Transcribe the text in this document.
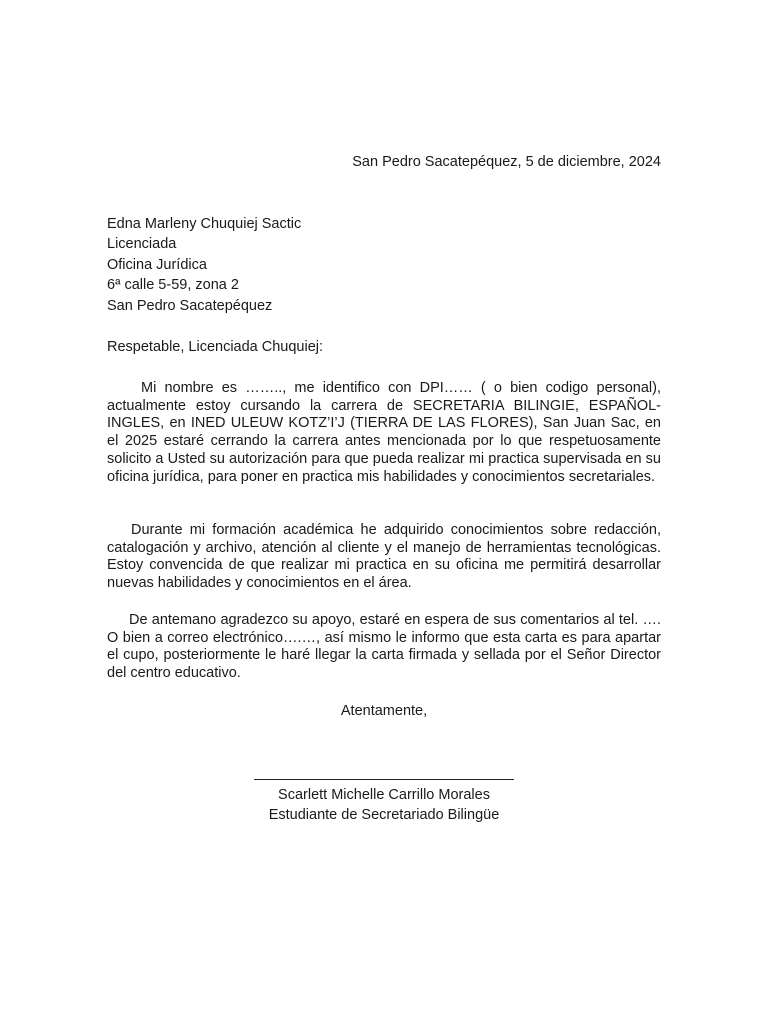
San Pedro Sacatepéquez, 5 de diciembre, 2024
Edna Marleny Chuquiej Sactic
Licenciada
Oficina Jurídica
6ª calle 5-59, zona 2
San Pedro Sacatepéquez
Respetable, Licenciada Chuquiej:

Mi nombre es …….., me identifico con DPI…… ( o bien codigo personal), actualmente estoy cursando la carrera de SECRETARIA BILINGIE, ESPAÑOL-INGLES, en INED ULEUW KOTZ’I’J (TIERRA DE LAS FLORES), San Juan Sac, en el 2025 estaré cerrando la carrera antes mencionada por lo que respetuosamente solicito a Usted su autorización para que pueda realizar mi practica supervisada en su oficina jurídica, para poner en practica mis habilidades y conocimientos secretariales.

Durante mi formación académica he adquirido conocimientos sobre redacción, catalogación y archivo, atención al cliente y el manejo de herramientas tecnológicas. Estoy convencida de que realizar mi practica en su oficina me permitirá desarrollar nuevas habilidades y conocimientos en el área.

De antemano agradezco su apoyo, estaré en espera de sus comentarios al tel. …. O bien a correo electrónico….…, así mismo le informo que esta carta es para apartar el cupo, posteriormente le haré llegar la carta firmada y sellada por el Señor Director del centro educativo.

Atentamente,
Scarlett Michelle Carrillo Morales
Estudiante de Secretariado Bilingüe
